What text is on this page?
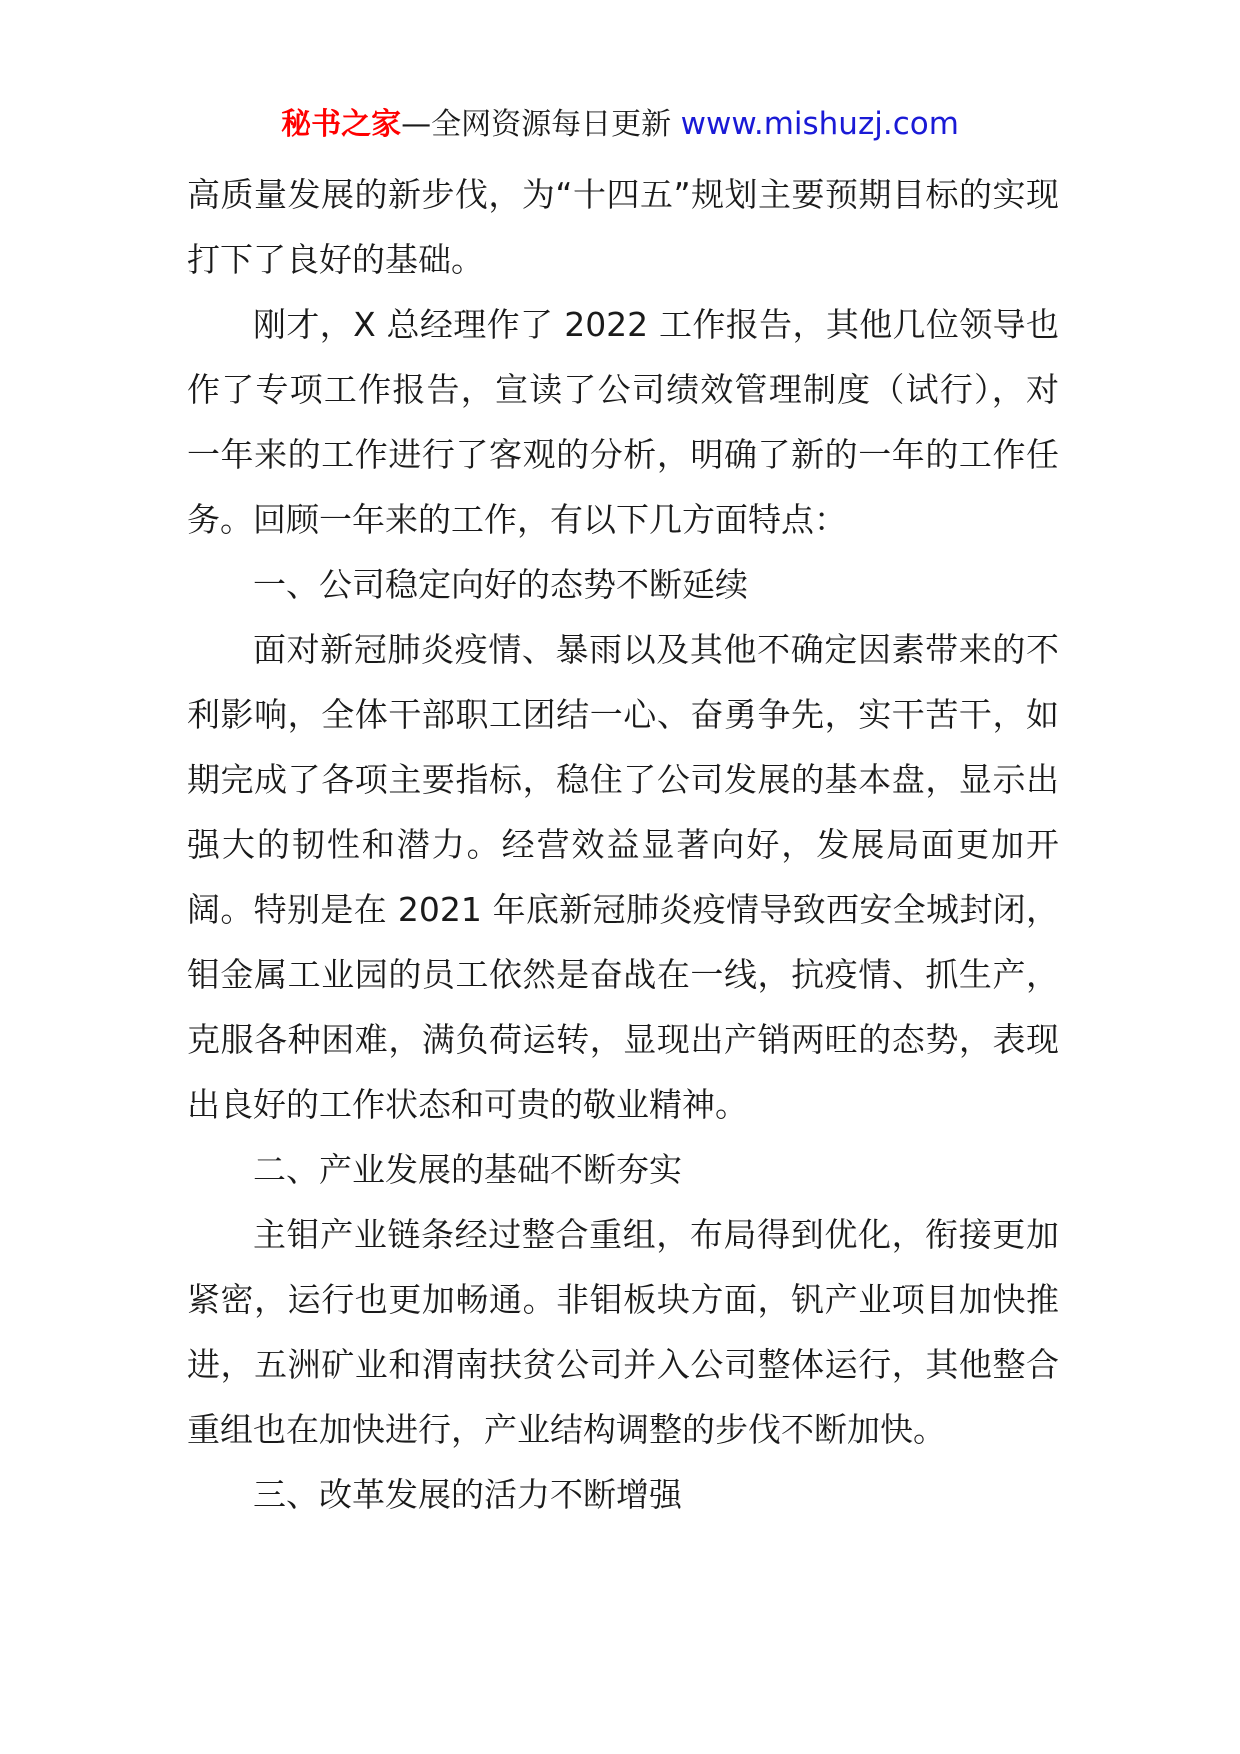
秘书之家—全网资源每日更新 www.mishuzj.com

高质量发展的新步伐，为“十四五”规划主要预期目标的实现打下了良好的基础。

刚才，X 总经理作了 2022 工作报告，其他几位领导也作了专项工作报告，宣读了公司绩效管理制度（试行），对一年来的工作进行了客观的分析，明确了新的一年的工作任务。回顾一年来的工作，有以下几方面特点：

一、公司稳定向好的态势不断延续

面对新冠肺炎疫情、暴雨以及其他不确定因素带来的不利影响，全体干部职工团结一心、奋勇争先，实干苦干，如期完成了各项主要指标，稳住了公司发展的基本盘，显示出强大的韧性和潜力。经营效益显著向好，发展局面更加开阔。特别是在 2021 年底新冠肺炎疫情导致西安全城封闭，钼金属工业园的员工依然是奋战在一线，抗疫情、抓生产，克服各种困难，满负荷运转，显现出产销两旺的态势，表现出良好的工作状态和可贵的敬业精神。

二、产业发展的基础不断夯实

主钼产业链条经过整合重组，布局得到优化，衔接更加紧密，运行也更加畅通。非钼板块方面，钒产业项目加快推进，五洲矿业和渭南扶贫公司并入公司整体运行，其他整合重组也在加快进行，产业结构调整的步伐不断加快。

三、改革发展的活力不断增强
